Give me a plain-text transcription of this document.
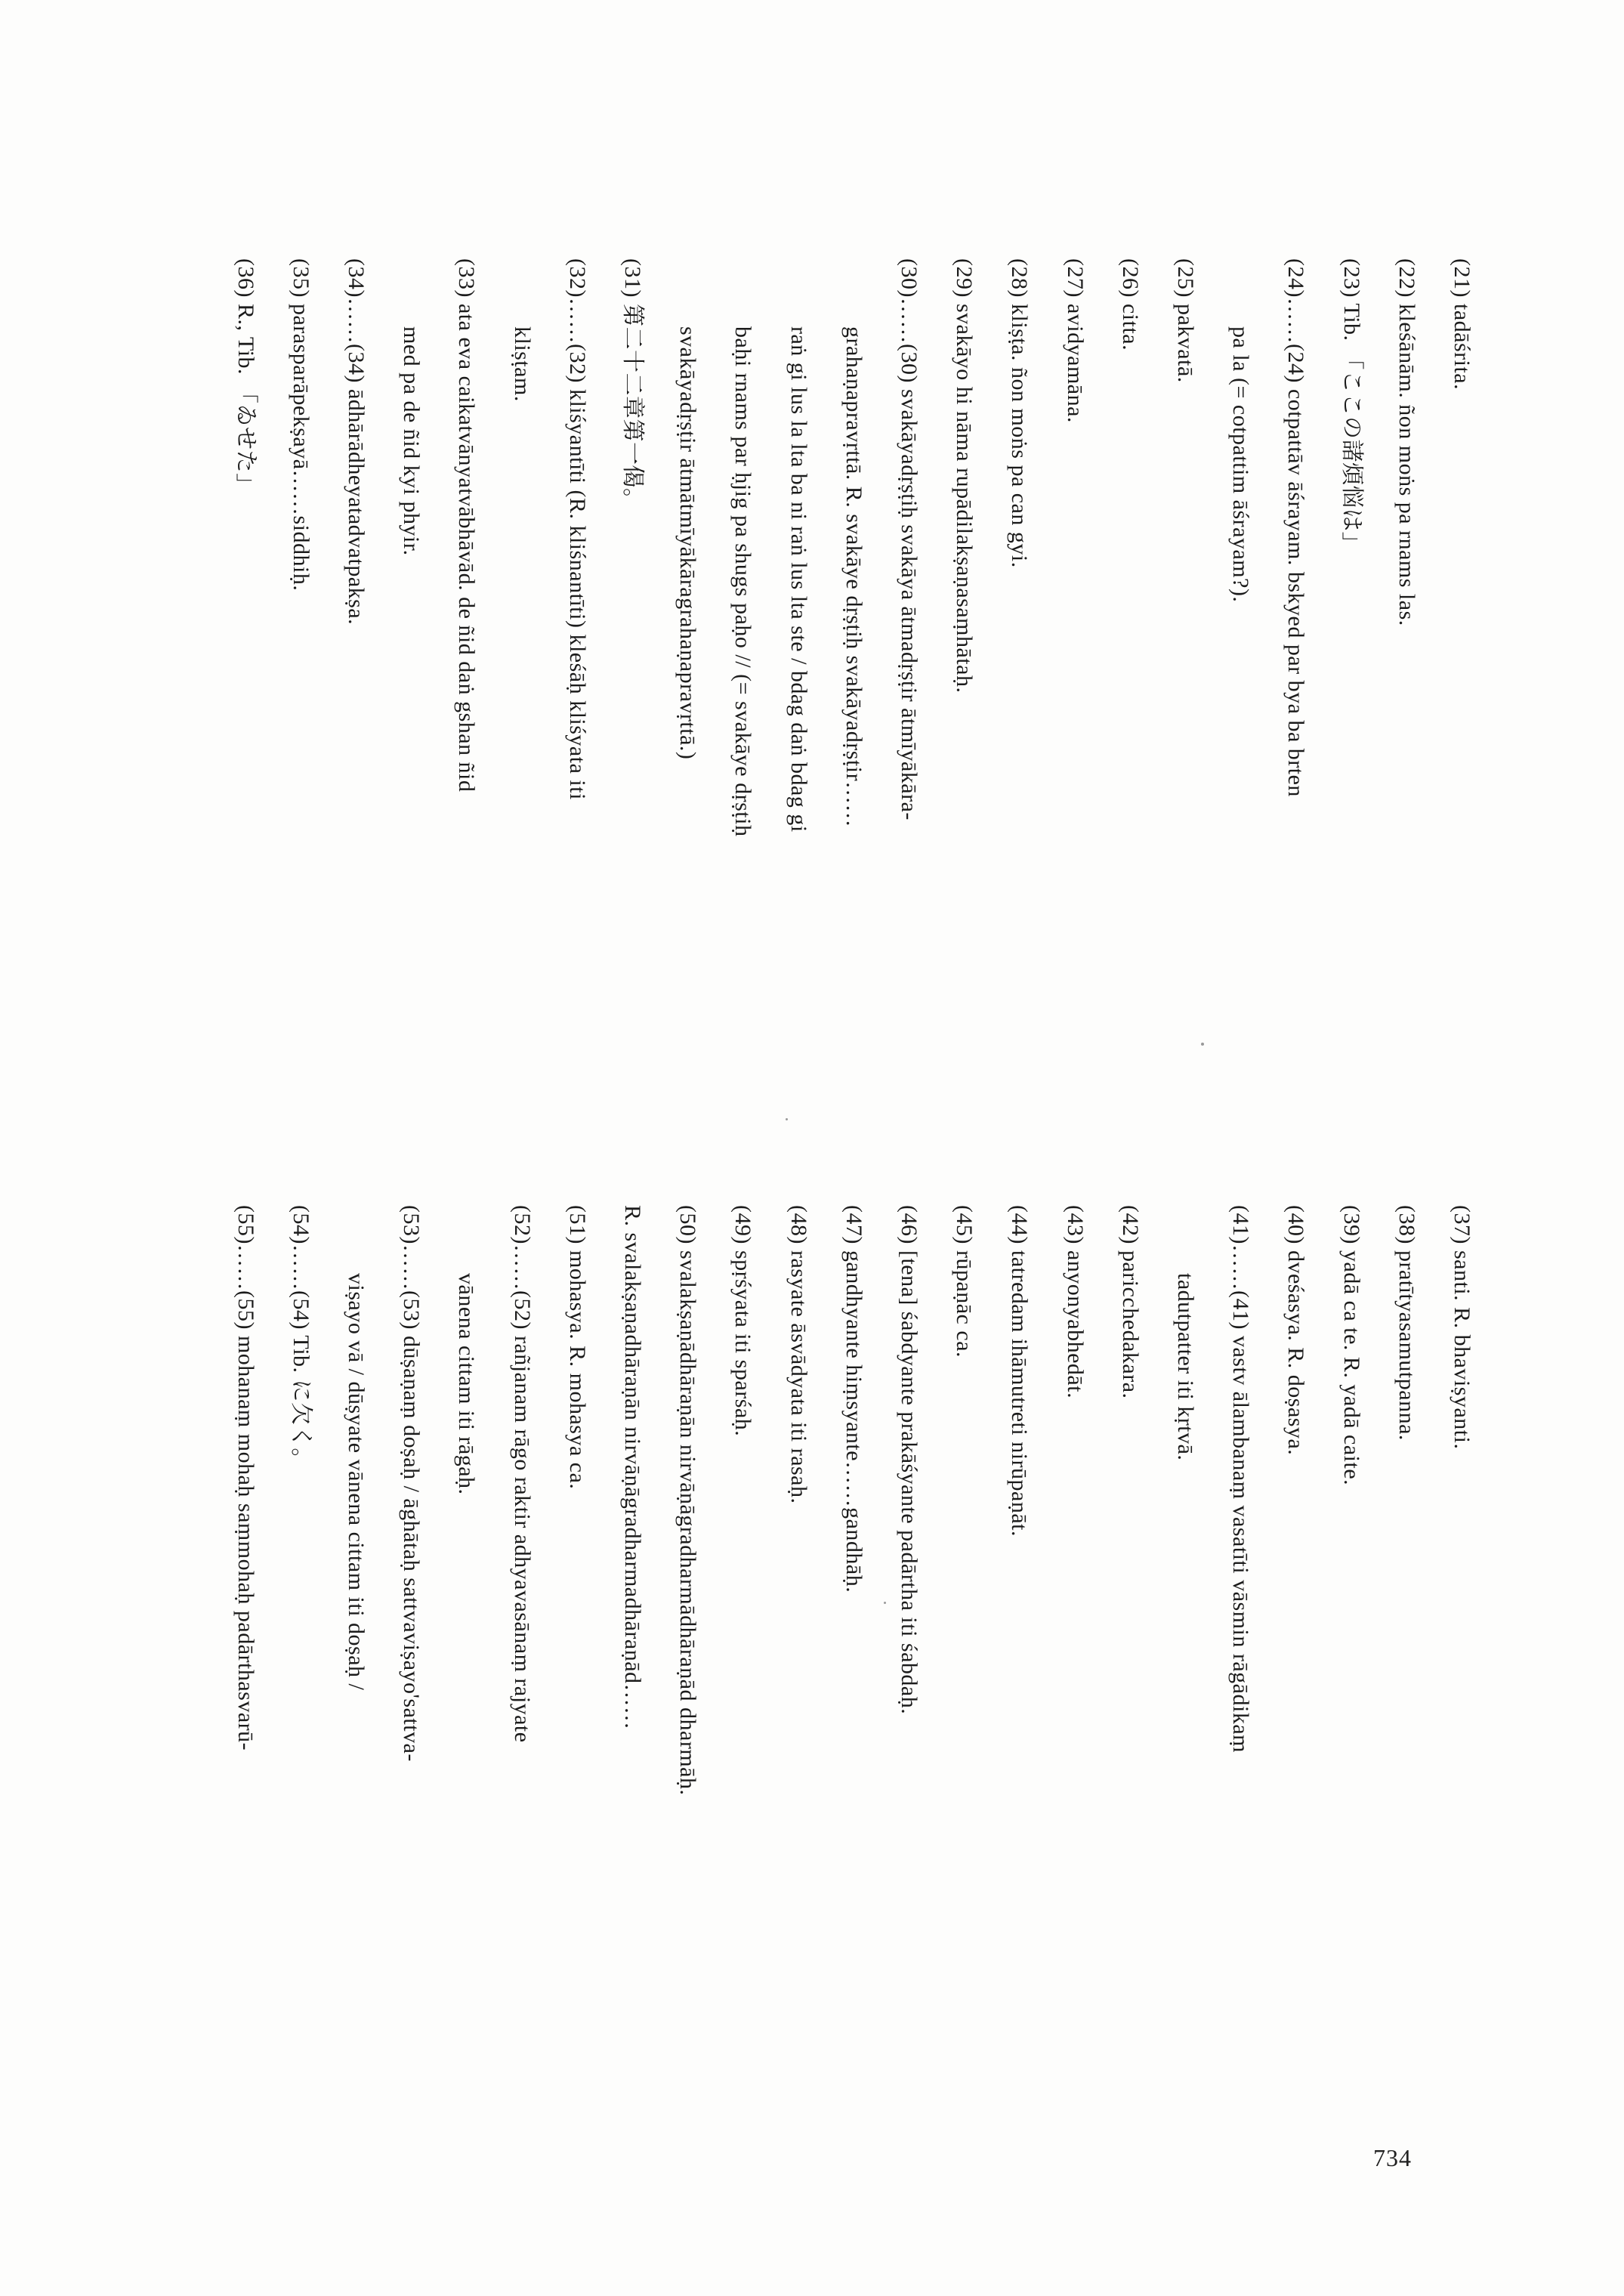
734
(21) tadāśrita.
(22) kleśānām. ñon moṅs pa rnams las.
(23) Tib. 「ここの諸煩悩は」
(24)……(24) cotpattāv āśrayam. bskyed par bya ba brten
pa la (= cotpattim āśrayam?).
(25) pakvatā.
(26) citta.
(27) avidyamāna.
(28) kliṣṭa. ñon moṅs pa can gyi.
(29) svakāyo hi nāma rupādilakṣaṇasaṃhātaḥ.
(30)……(30) svakāyadṛṣṭiḥ svakāya ātmadṛṣṭir ātmīyākāra-
grahaṇapravṛttā. R. svakāye dṛṣṭiḥ svakāyadṛṣṭir……
raṅ gi lus la lta ba ni raṅ lus lta ste / bdag daṅ bdag gi
baḥi rnams par ḥjig pa shugs paḥo // (= svakāye dṛṣṭiḥ
svakāyadṛṣṭir ātmātmīyākāragrahaṇapravṛttā.)
(31) 第二十二章第一偈。
(32)……(32) kliśyantīti (R. kliśnantīti) kleśāḥ kliśyata iti
kliṣṭam.
(33) ata eva caikatvānyatvābhāvād. de ñid daṅ gshan ñid
med pa de ñid kyi phyir.
(34)……(34) ādhārādheyatadvatpakṣa.
(35) parasparāpekṣayā……siddhiḥ.
(36) R., Tib. 「ゐせた」
(37) santi. R. bhaviṣyanti.
(38) pratītyasamutpanna.
(39) yadā ca te. R. yadā caite.
(40) dveśasya. R. doṣasya.
(41)……(41) vastv ālambanaṃ vasatīti vāsmin rāgādikaṃ
tadutpatter iti kṛtvā.
(42) paricchedakara.
(43) anyonyabhedāt.
(44) tatredam ihāmutreti nirūpaṇāt.
(45) rūpaṇāc ca.
(46) [tena] śabdyante prakāśyante padārtha iti śabdaḥ.
(47) gandhyante hiṃsyante……gandhāḥ.
(48) rasyate āsvādyata iti rasaḥ.
(49) spṛśyata iti sparśaḥ.
(50) svalakṣaṇādhāraṇān nirvāṇāgradharmādhāraṇād dharmāḥ.
R. svalakṣaṇadhāraṇān nirvāṇāgradharmadhāraṇād……
(51) mohasya. R. mohasya ca.
(52)……(52) rañjanam rāgo raktir adhyavasānaṃ rajyate
vānena cittam iti rāgaḥ.
(53)……(53) dūṣaṇaṃ doṣaḥ / āghātaḥ sattvaviṣayo'sattva-
viṣayo vā / dūṣyate vānena cittam iti doṣaḥ /
(54)……(54) Tib. に欠く。
(55)……(55) mohanaṃ mohaḥ saṃmohaḥ padārthasvarū-
